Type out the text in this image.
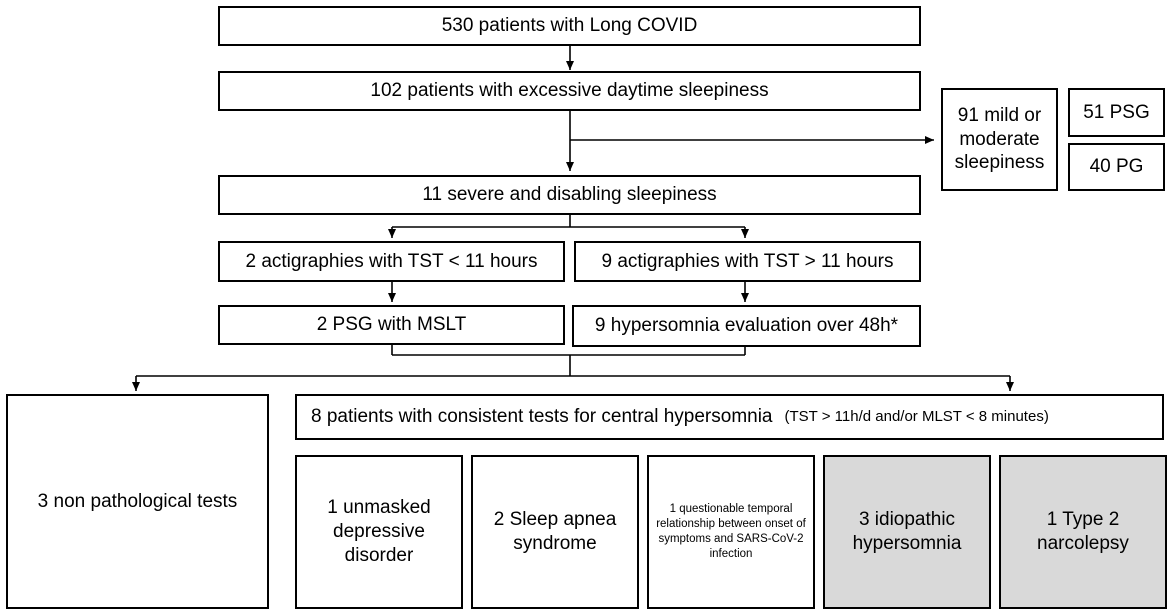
530 patients with Long COVID
102 patients with excessive daytime sleepiness
91 mild or moderate sleepiness
51 PSG
40 PG
11 severe and disabling sleepiness
2 actigraphies with TST < 11 hours	9 actigraphies with TST > 11 hours
2 PSG with MSLT	9 hypersomnia evaluation over 48h*
3 non pathological tests
8 patients with consistent tests for central hypersomnia (TST > 11h/d and/or MLST < 8 minutes)
1 unmasked depressive disorder
2 Sleep apnea syndrome
1 questionable temporal relationship between onset of symptoms and SARS-CoV-2 infection
3 idiopathic hypersomnia
1 Type 2 narcolepsy
